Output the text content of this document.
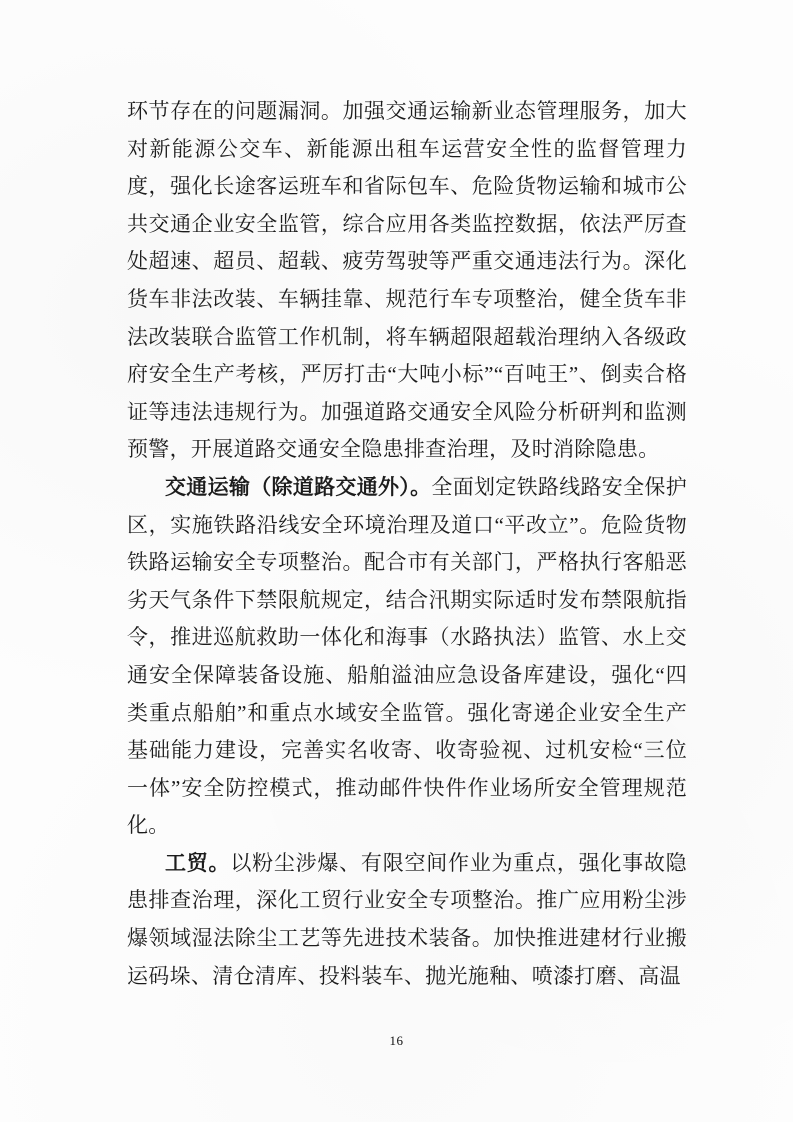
环节存在的问题漏洞。加强交通运输新业态管理服务，加大对新能源公交车、新能源出租车运营安全性的监督管理力度，强化长途客运班车和省际包车、危险货物运输和城市公共交通企业安全监管，综合应用各类监控数据，依法严厉查处超速、超员、超载、疲劳驾驶等严重交通违法行为。深化货车非法改装、车辆挂靠、规范行车专项整治，健全货车非法改装联合监管工作机制，将车辆超限超载治理纳入各级政府安全生产考核，严厉打击“大吨小标”“百吨王”、倒卖合格证等违法违规行为。加强道路交通安全风险分析研判和监测预警，开展道路交通安全隐患排查治理，及时消除隐患。

交通运输（除道路交通外）。全面划定铁路线路安全保护区，实施铁路沿线安全环境治理及道口“平改立”。危险货物铁路运输安全专项整治。配合市有关部门，严格执行客船恶劣天气条件下禁限航规定，结合汛期实际适时发布禁限航指令，推进巡航救助一体化和海事（水路执法）监管、水上交通安全保障装备设施、船舶溢油应急设备库建设，强化“四类重点船舶”和重点水域安全监管。强化寄递企业安全生产基础能力建设，完善实名收寄、收寄验视、过机安检“三位一体”安全防控模式，推动邮件快件作业场所安全管理规范化。

工贸。以粉尘涉爆、有限空间作业为重点，强化事故隐患排查治理，深化工贸行业安全专项整治。推广应用粉尘涉爆领域湿法除尘工艺等先进技术装备。加快推进建材行业搬运码垛、清仓清库、投料装车、抛光施釉、喷漆打磨、高温

16
